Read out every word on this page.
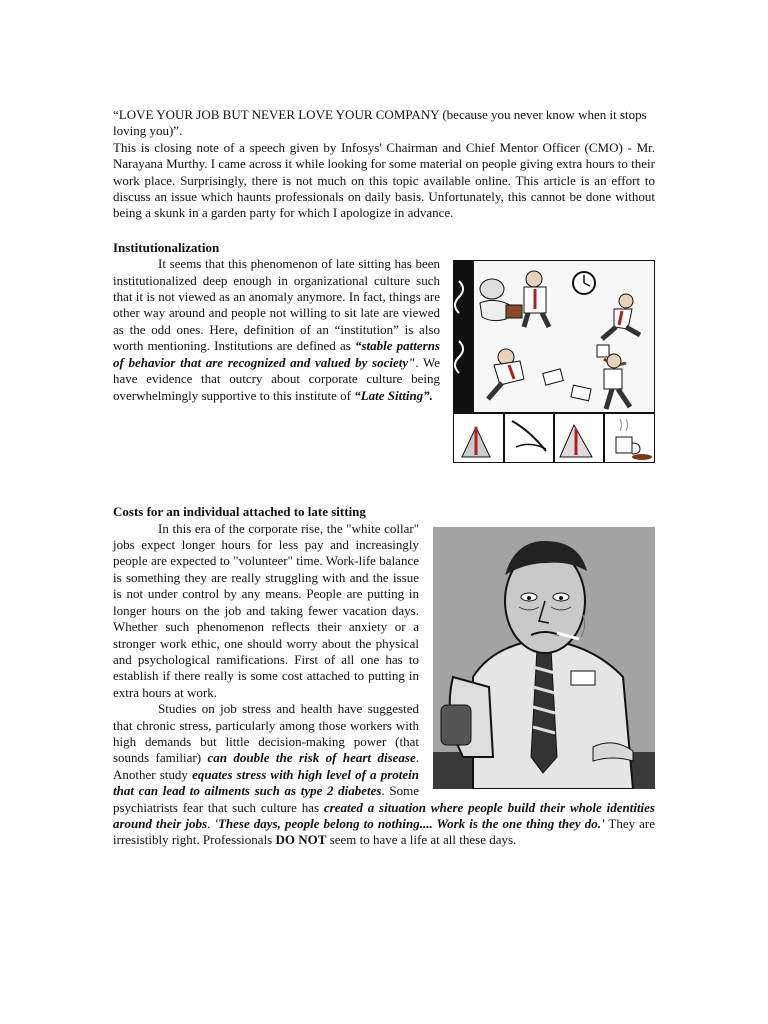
“LOVE YOUR JOB BUT NEVER LOVE YOUR COMPANY (because you never know when it stops loving you)”.

This is closing note of a speech given by Infosys' Chairman and Chief Mentor Officer (CMO) - Mr. Narayana Murthy. I came across it while looking for some material on people giving extra hours to their work place. Surprisingly, there is not much on this topic available online. This article is an effort to discuss an issue which haunts professionals on daily basis. Unfortunately, this cannot be done without being a skunk in a garden party for which I apologize in advance.

Institutionalization

It seems that this phenomenon of late sitting has been institutionalized deep enough in organizational culture such that it is not viewed as an anomaly anymore. In fact, things are other way around and people not willing to sit late are viewed as the odd ones. Here, definition of an “institution” is also worth mentioning. Institutions are defined as “stable patterns of behavior that are recognized and valued by society". We have evidence that outcry about corporate culture being overwhelmingly supportive to this institute of “Late Sitting”.

Costs for an individual attached to late sitting

In this era of the corporate rise, the "white collar" jobs expect longer hours for less pay and increasingly people are expected to "volunteer" time. Work-life balance is something they are really struggling with and the issue is not under control by any means. People are putting in longer hours on the job and taking fewer vacation days. Whether such phenomenon reflects their anxiety or a stronger work ethic, one should worry about the physical and psychological ramifications. First of all one has to establish if there really is some cost attached to putting in extra hours at work.

Studies on job stress and health have suggested that chronic stress, particularly among those workers with high demands but little decision-making power (that sounds familiar) can double the risk of heart disease. Another study equates stress with high level of a protein that can lead to ailments such as type 2 diabetes. Some psychiatrists fear that such culture has created a situation where people build their whole identities around their jobs. 'These days, people belong to nothing.... Work is the one thing they do.' They are irresistibly right. Professionals DO NOT seem to have a life at all these days.
